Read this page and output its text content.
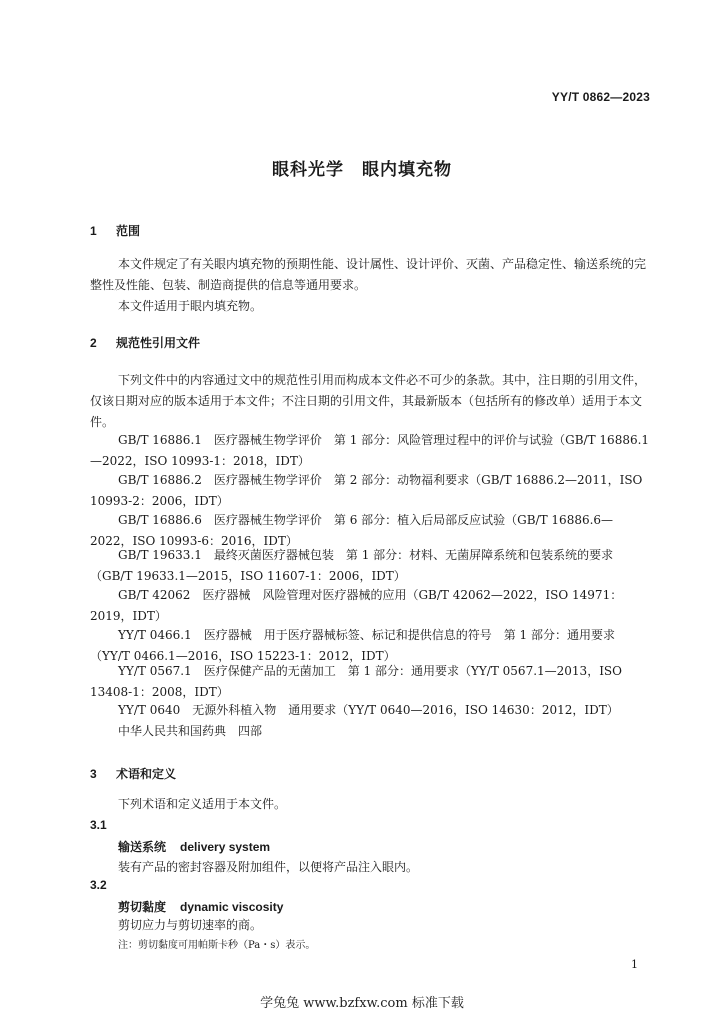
YY/T 0862—2023
眼科光学 眼内填充物
1 范围
本文件规定了有关眼内填充物的预期性能、设计属性、设计评价、灭菌、产品稳定性、输送系统的完整性及性能、包装、制造商提供的信息等通用要求。
本文件适用于眼内填充物。
2 规范性引用文件
下列文件中的内容通过文中的规范性引用而构成本文件必不可少的条款。其中，注日期的引用文件，仅该日期对应的版本适用于本文件；不注日期的引用文件，其最新版本（包括所有的修改单）适用于本文件。
GB/T 16886.1　医疗器械生物学评价　第 1 部分：风险管理过程中的评价与试验（GB/T 16886.1—2022，ISO 10993-1：2018，IDT）
GB/T 16886.2　医疗器械生物学评价　第 2 部分：动物福利要求（GB/T 16886.2—2011，ISO 10993-2：2006，IDT）
GB/T 16886.6　医疗器械生物学评价　第 6 部分：植入后局部反应试验（GB/T 16886.6—2022，ISO 10993-6：2016，IDT）
GB/T 19633.1　最终灭菌医疗器械包装　第 1 部分：材料、无菌屏障系统和包装系统的要求（GB/T 19633.1—2015，ISO 11607-1：2006，IDT）
GB/T 42062　医疗器械　风险管理对医疗器械的应用（GB/T 42062—2022，ISO 14971：2019，IDT）
YY/T 0466.1　医疗器械　用于医疗器械标签、标记和提供信息的符号　第 1 部分：通用要求（YY/T 0466.1—2016，ISO 15223-1：2012，IDT）
YY/T 0567.1　医疗保健产品的无菌加工　第 1 部分：通用要求（YY/T 0567.1—2013，ISO 13408-1：2008，IDT）
YY/T 0640　无源外科植入物　通用要求（YY/T 0640—2016，ISO 14630：2012，IDT）
中华人民共和国药典　四部
3 术语和定义
下列术语和定义适用于本文件。
3.1
输送系统 delivery system
装有产品的密封容器及附加组件，以便将产品注入眼内。
3.2
剪切黏度 dynamic viscosity
剪切应力与剪切速率的商。
注：剪切黏度可用帕斯卡秒（Pa・s）表示。
1
学兔兔 www.bzfxw.com 标准下载
